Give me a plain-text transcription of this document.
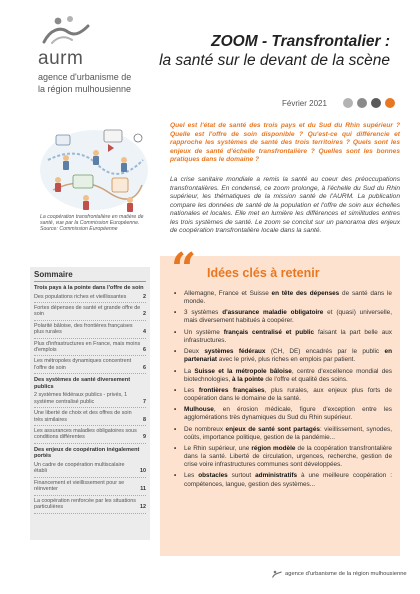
aurm
agence d'urbanisme de
la région mulhousienne
ZOOM - Transfrontalier :
la santé sur le devant de la scène
Février 2021
La coopération transfrontalière en matière de santé, vue par la Commission Européenne. Source: Commission Européenne
Quel est l'état de santé des trois pays et du Sud du Rhin supérieur ? Quelle est l'offre de soin disponible ? Qu'est-ce qui différencie et rapproche les systèmes de santé des trois territoires ? Quels sont les enjeux de santé d'échelle transfrontalière ? Quelles sont les bonnes pratiques dans le domaine ?
La crise sanitaire mondiale a remis la santé au coeur des préoccupations transfrontalières. En condensé, ce zoom prolonge, à l'échelle du Sud du Rhin supérieur, les thématiques de la mission santé de l'AURM. La publication compare les données de santé de la population et l'offre de soin aux échelles nationales et locales. Elle met en lumière les différences et similitudes entres les trois systèmes de santé. Le zoom se conclut sur un panorama des enjeux de coopération transfrontalière locale dans la santé.
Sommaire
Trois pays à la pointe dans l'offre de soin
Des populations riches et vieillissantes	2
Fortes dépenses de santé et grande offre de soin	2
Polarité bâloise, des frontières françaises plus rurales	4
Plus d'infrastructures en France, mais moins d'emplois	6
Les métropoles dynamiques concentrent l'offre de soin	6
Des systèmes de santé diversement publics
2 systèmes fédéraux publics - privés, 1 système centralisé public	7
Une liberté de choix et des offres de soin très similaires	8
Les assurances maladies obligatoires sous conditions différentes	9
Des enjeux de coopération inégalement portés
Un cadre de coopération multiscalaire établi	10
Financement et vieillissement pour se réinventer	11
La coopération renforcée par les situations particulières	12
“ Idées clés à retenir
• Allemagne, France et Suisse en tête des dépenses de santé dans le monde.
• 3 systèmes d'assurance maladie obligatoire et (quasi) universelle, mais diversement habitués à coopérer.
• Un système français centralisé et public faisant la part belle aux infrastructures.
• Deux systèmes fédéraux (CH, DE) encadrés par le public en partenariat avec le privé, plus riches en emplois par patient.
• La Suisse et la métropole bâloise, centre d'excellence mondial des biotechnologies, à la pointe de l'offre et qualité des soins.
• Les frontières françaises, plus rurales, aux enjeux plus forts de coopération dans le domaine de la santé.
• Mulhouse, en érosion médicale, figure d'exception entre les agglomérations très dynamiques du Sud du Rhin supérieur.
• De nombreux enjeux de santé sont partagés: vieillissement, synodes, coûts, importance politique, gestion de la pandémie...
• Le Rhin supérieur, une région modèle de la coopération transfrontalière dans la santé. Liberté de circulation, urgences, recherche, gestion de crise voire infrastructures communes sont développées.
• Les obstacles surtout administratifs à une meilleure coopération : compétences, langue, gestion des systèmes...
agence d'urbanisme de la région mulhousienne
